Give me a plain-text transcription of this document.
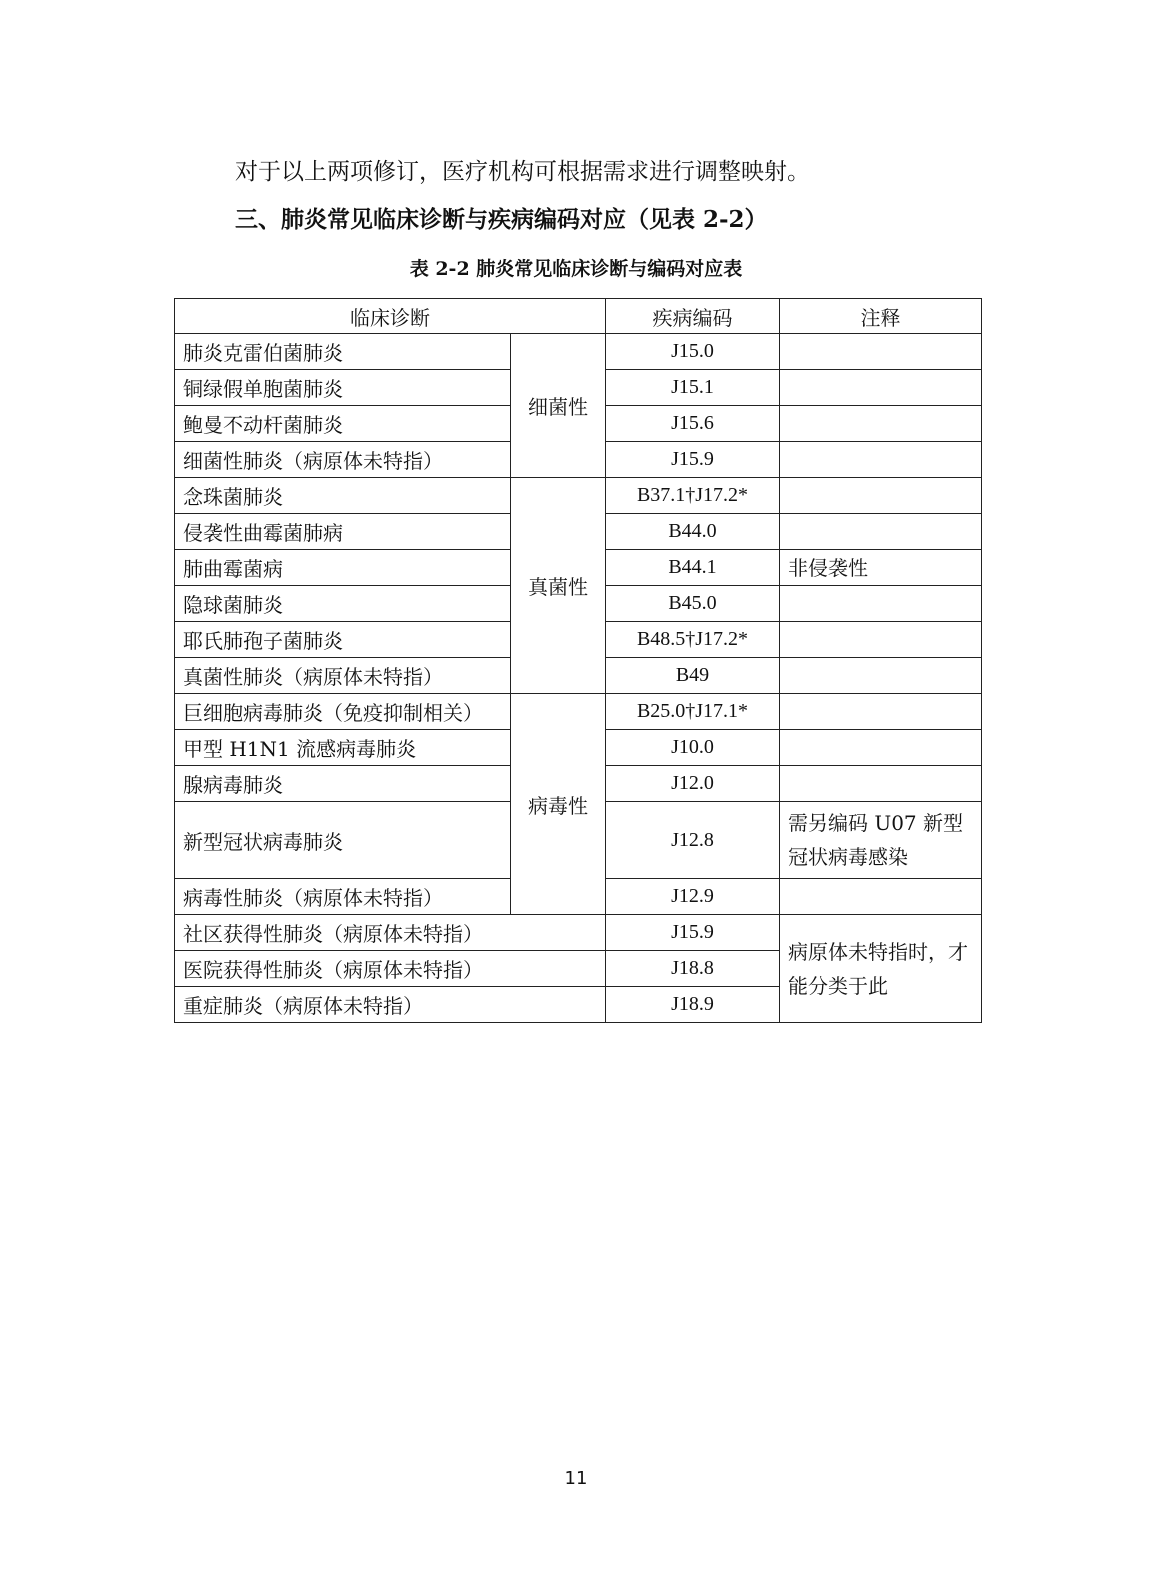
对于以上两项修订，医疗机构可根据需求进行调整映射。
三、肺炎常见临床诊断与疾病编码对应（见表 2-2）
表 2-2 肺炎常见临床诊断与编码对应表
临床诊断		疾病编码	注释
肺炎克雷伯菌肺炎	细菌性	J15.0	
铜绿假单胞菌肺炎		J15.1	
鲍曼不动杆菌肺炎		J15.6	
细菌性肺炎（病原体未特指）		J15.9	
念珠菌肺炎	真菌性	B37.1†J17.2*	
侵袭性曲霉菌肺病		B44.0	
肺曲霉菌病		B44.1	非侵袭性
隐球菌肺炎		B45.0	
耶氏肺孢子菌肺炎		B48.5†J17.2*	
真菌性肺炎（病原体未特指）		B49	
巨细胞病毒肺炎（免疫抑制相关）	病毒性	B25.0†J17.1*	
甲型 H1N1 流感病毒肺炎		J10.0	
腺病毒肺炎		J12.0	
新型冠状病毒肺炎		J12.8	需另编码 U07 新型冠状病毒感染
病毒性肺炎（病原体未特指）		J12.9	
社区获得性肺炎（病原体未特指）		J15.9	病原体未特指时，才能分类于此
医院获得性肺炎（病原体未特指）		J18.8	
重症肺炎（病原体未特指）		J18.9	
11
